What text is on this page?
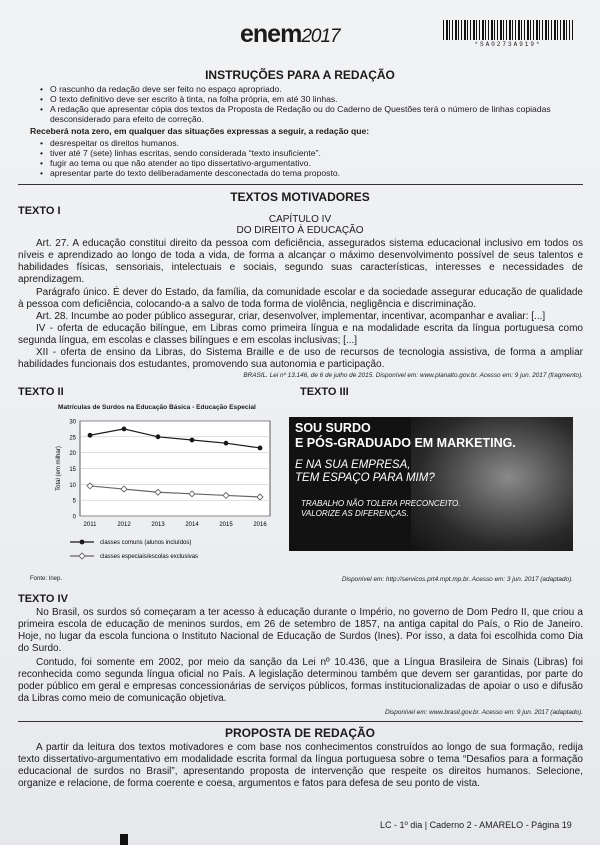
enem2017	*SA0273A919*
INSTRUÇÕES PARA A REDAÇÃO
• O rascunho da redação deve ser feito no espaço apropriado.
• O texto definitivo deve ser escrito à tinta, na folha própria, em até 30 linhas.
• A redação que apresentar cópia dos textos da Proposta de Redação ou do Caderno de Questões terá o número de linhas copiadas desconsiderado para efeito de correção.
Receberá nota zero, em qualquer das situações expressas a seguir, a redação que:
• desrespeitar os direitos humanos.
• tiver até 7 (sete) linhas escritas, sendo considerada “texto insuficiente”.
• fugir ao tema ou que não atender ao tipo dissertativo-argumentativo.
• apresentar parte do texto deliberadamente desconectada do tema proposto.
TEXTOS MOTIVADORES
TEXTO I
CAPÍTULO IV
DO DIREITO À EDUCAÇÃO
Art. 27. A educação constitui direito da pessoa com deficiência, assegurados sistema educacional inclusivo em todos os níveis e aprendizado ao longo de toda a vida, de forma a alcançar o máximo desenvolvimento possível de seus talentos e habilidades físicas, sensoriais, intelectuais e sociais, segundo suas características, interesses e necessidades de aprendizagem.
Parágrafo único. É dever do Estado, da família, da comunidade escolar e da sociedade assegurar educação de qualidade à pessoa com deficiência, colocando-a a salvo de toda forma de violência, negligência e discriminação.
Art. 28. Incumbe ao poder público assegurar, criar, desenvolver, implementar, incentivar, acompanhar e avaliar: [...]
IV - oferta de educação bilíngue, em Libras como primeira língua e na modalidade escrita da língua portuguesa como segunda língua, em escolas e classes bilíngues e em escolas inclusivas; [...]
XII - oferta de ensino da Libras, do Sistema Braille e de uso de recursos de tecnologia assistiva, de forma a ampliar habilidades funcionais dos estudantes, promovendo sua autonomia e participação.
BRASIL. Lei nº 13.146, de 6 de julho de 2015. Disponível em: www.planalto.gov.br. Acesso em: 9 jun. 2017 (fragmento).
TEXTO II
Matrículas de Surdos na Educação Básica - Educação Especial
0
5
10
15
20
25
30
2011	2012	2013	2014	2015	2016
Total (em milhar)
classes comuns (alunos incluídos)
classes especiais/escolas exclusivas
Fonte: Inep.
TEXTO III
SOU SURDO
E PÓS-GRADUADO EM MARKETING.
E NA SUA EMPRESA,
TEM ESPAÇO PARA MIM?
TRABALHO NÃO TOLERA PRECONCEITO.
VALORIZE AS DIFERENÇAS.
Disponível em: http://servicos.prt4.mpt.mp.br. Acesso em: 3 jun. 2017 (adaptado).
TEXTO IV
No Brasil, os surdos só começaram a ter acesso à educação durante o Império, no governo de Dom Pedro II, que criou a primeira escola de educação de meninos surdos, em 26 de setembro de 1857, na antiga capital do País, o Rio de Janeiro. Hoje, no lugar da escola funciona o Instituto Nacional de Educação de Surdos (Ines). Por isso, a data foi escolhida como Dia do Surdo.
Contudo, foi somente em 2002, por meio da sanção da Lei nº 10.436, que a Língua Brasileira de Sinais (Libras) foi reconhecida como segunda língua oficial no País. A legislação determinou também que devem ser garantidas, por parte do poder público em geral e empresas concessionárias de serviços públicos, formas institucionalizadas de apoiar o uso e difusão da Libras como meio de comunicação objetiva.
Disponível em: www.brasil.gov.br. Acesso em: 9 jun. 2017 (adaptado).
PROPOSTA DE REDAÇÃO
A partir da leitura dos textos motivadores e com base nos conhecimentos construídos ao longo de sua formação, redija texto dissertativo-argumentativo em modalidade escrita formal da língua portuguesa sobre o tema “Desafios para a formação educacional de surdos no Brasil”, apresentando proposta de intervenção que respeite os direitos humanos. Selecione, organize e relacione, de forma coerente e coesa, argumentos e fatos para defesa de seu ponto de vista.
LC - 1º dia | Caderno 2 - AMARELO - Página 19
